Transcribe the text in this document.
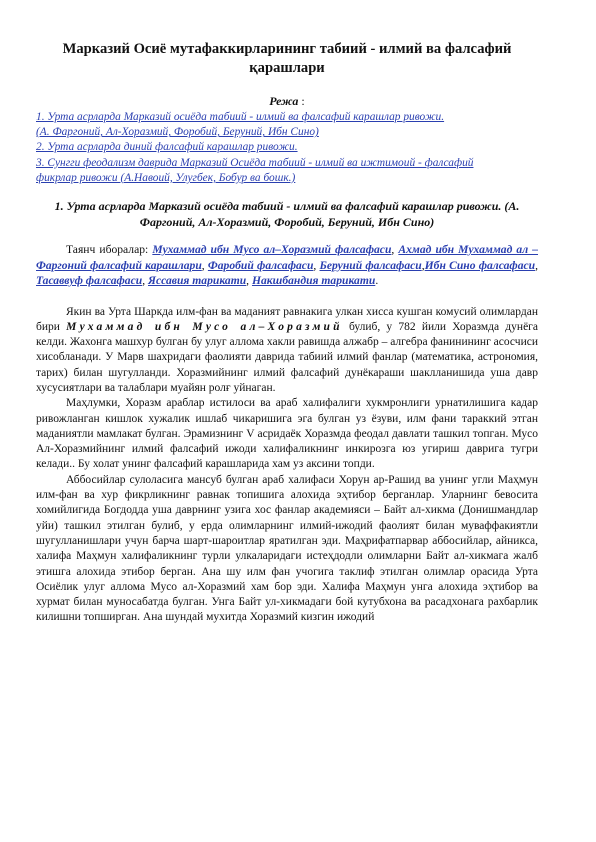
Марказий Осиё мутафаккирларининг табиий - илмий ва фалсафий қарашлари
Режа :
1. Урта асрларда Марказий осиёда табиий - илмий ва фалсафий карашлар ривожи.
(А. Фаргоний, Ал-Хоразмий, Форобий, Беруний, Ибн Сино)
2. Урта асрларда диний фалсафий карашлар ривожи.
3. Сунгги феодализм даврида Марказий Осиёда табиий - илмий ва ижтимоий - фалсафий
фикрлар ривожи (А.Навоий, Улугбек, Бобур ва бошк.)
1. Урта асрларда Марказий осиёда табиий - илмий ва фалсафий карашлар ривожи. (А. Фаргоний, Ал-Хоразмий, Форобий, Беруний, Ибн Сино)
Таянч иборалар: Мухаммад ибн Мусо ал–Хоразмий фалсафаси, Ахмад ибн Мухаммад ал – Фаргоний фалсафий карашлари, Фаробий фалсафаси, Беруний фалсафаси,Ибн Сино фалсафаси, Тасаввуф фалсафаси, Яссавия тарикати, Накшбандия тарикати.

Якин ва Урта Шаркда илм-фан ва маданият равнакига улкан хисса кушган комусий олимлардан бири Мухаммад ибн Мусо ал–Хоразмий булиб, у 782 йили Хоразмда дунёга келди. Жахонга машхур булган бу улуг аллома хакли равишда алжабр – алгебра фанинининг асосчиси хисобланади. У Марв шахридаги фаолияти даврида табиий илмий фанлар (математика, астрономия, тарих) билан шугулланди. Хоразмийнинг илмий фалсафий дунёкараши шаклланишида уша давр хусусиятлари ва талаблари муайян ролғ уйнаган.

Маҳлумки, Хоразм араблар истилоси ва араб халифалиги хукмронлиги урнатилишига кадар ривожланган кишлок хужалик ишлаб чикаришига эга булган уз ёзуви, илм фани тараккий этган маданиятли мамлакат булган. Эрамизнинг V асридаёк Хоразмда феодал давлати ташкил топган. Мусо Ал-Хоразмийнинг илмий фалсафий ижоди халифаликнинг инкирозга юз угириш даврига тугри келади.. Бу холат унинг фалсафий карашларида хам уз аксини топди.

Аббосийлар сулоласига мансуб булган араб халифаси Хорун ар-Рашид ва унинг угли Маҳмун илм-фан ва хур фикрликнинг равнак топишига алохида эҳтибор берганлар. Уларнинг бевосита хомийлигида Богдодда уша даврнинг узига хос фанлар академияси – Байт ал-хикма (Донишмандлар уйи) ташкил этилган булиб, у ерда олимларнинг илмий-ижодий фаолият билан муваффакиятли шугулланишлари учун барча шарт-шароитлар яратилган эди. Маҳрифатпарвар аббосийлар, айникса, халифа Маҳмун халифаликнинг турли улкаларидаги истеҳдодли олимларни Байт ал-хикмага жалб этишга алохида этибор берган. Ана шу илм фан учогига таклиф этилган олимлар орасида Урта Осиёлик улуг аллома Мусо ал-Хоразмий хам бор эди. Халифа Маҳмун унга алохида эҳтибор ва хурмат билан муносабатда булган. Унга Байт ул-хикмадаги бой кутубхона ва расадхонага рахбарлик килишни топширган. Ана шундай мухитда Хоразмий кизгин ижодий
